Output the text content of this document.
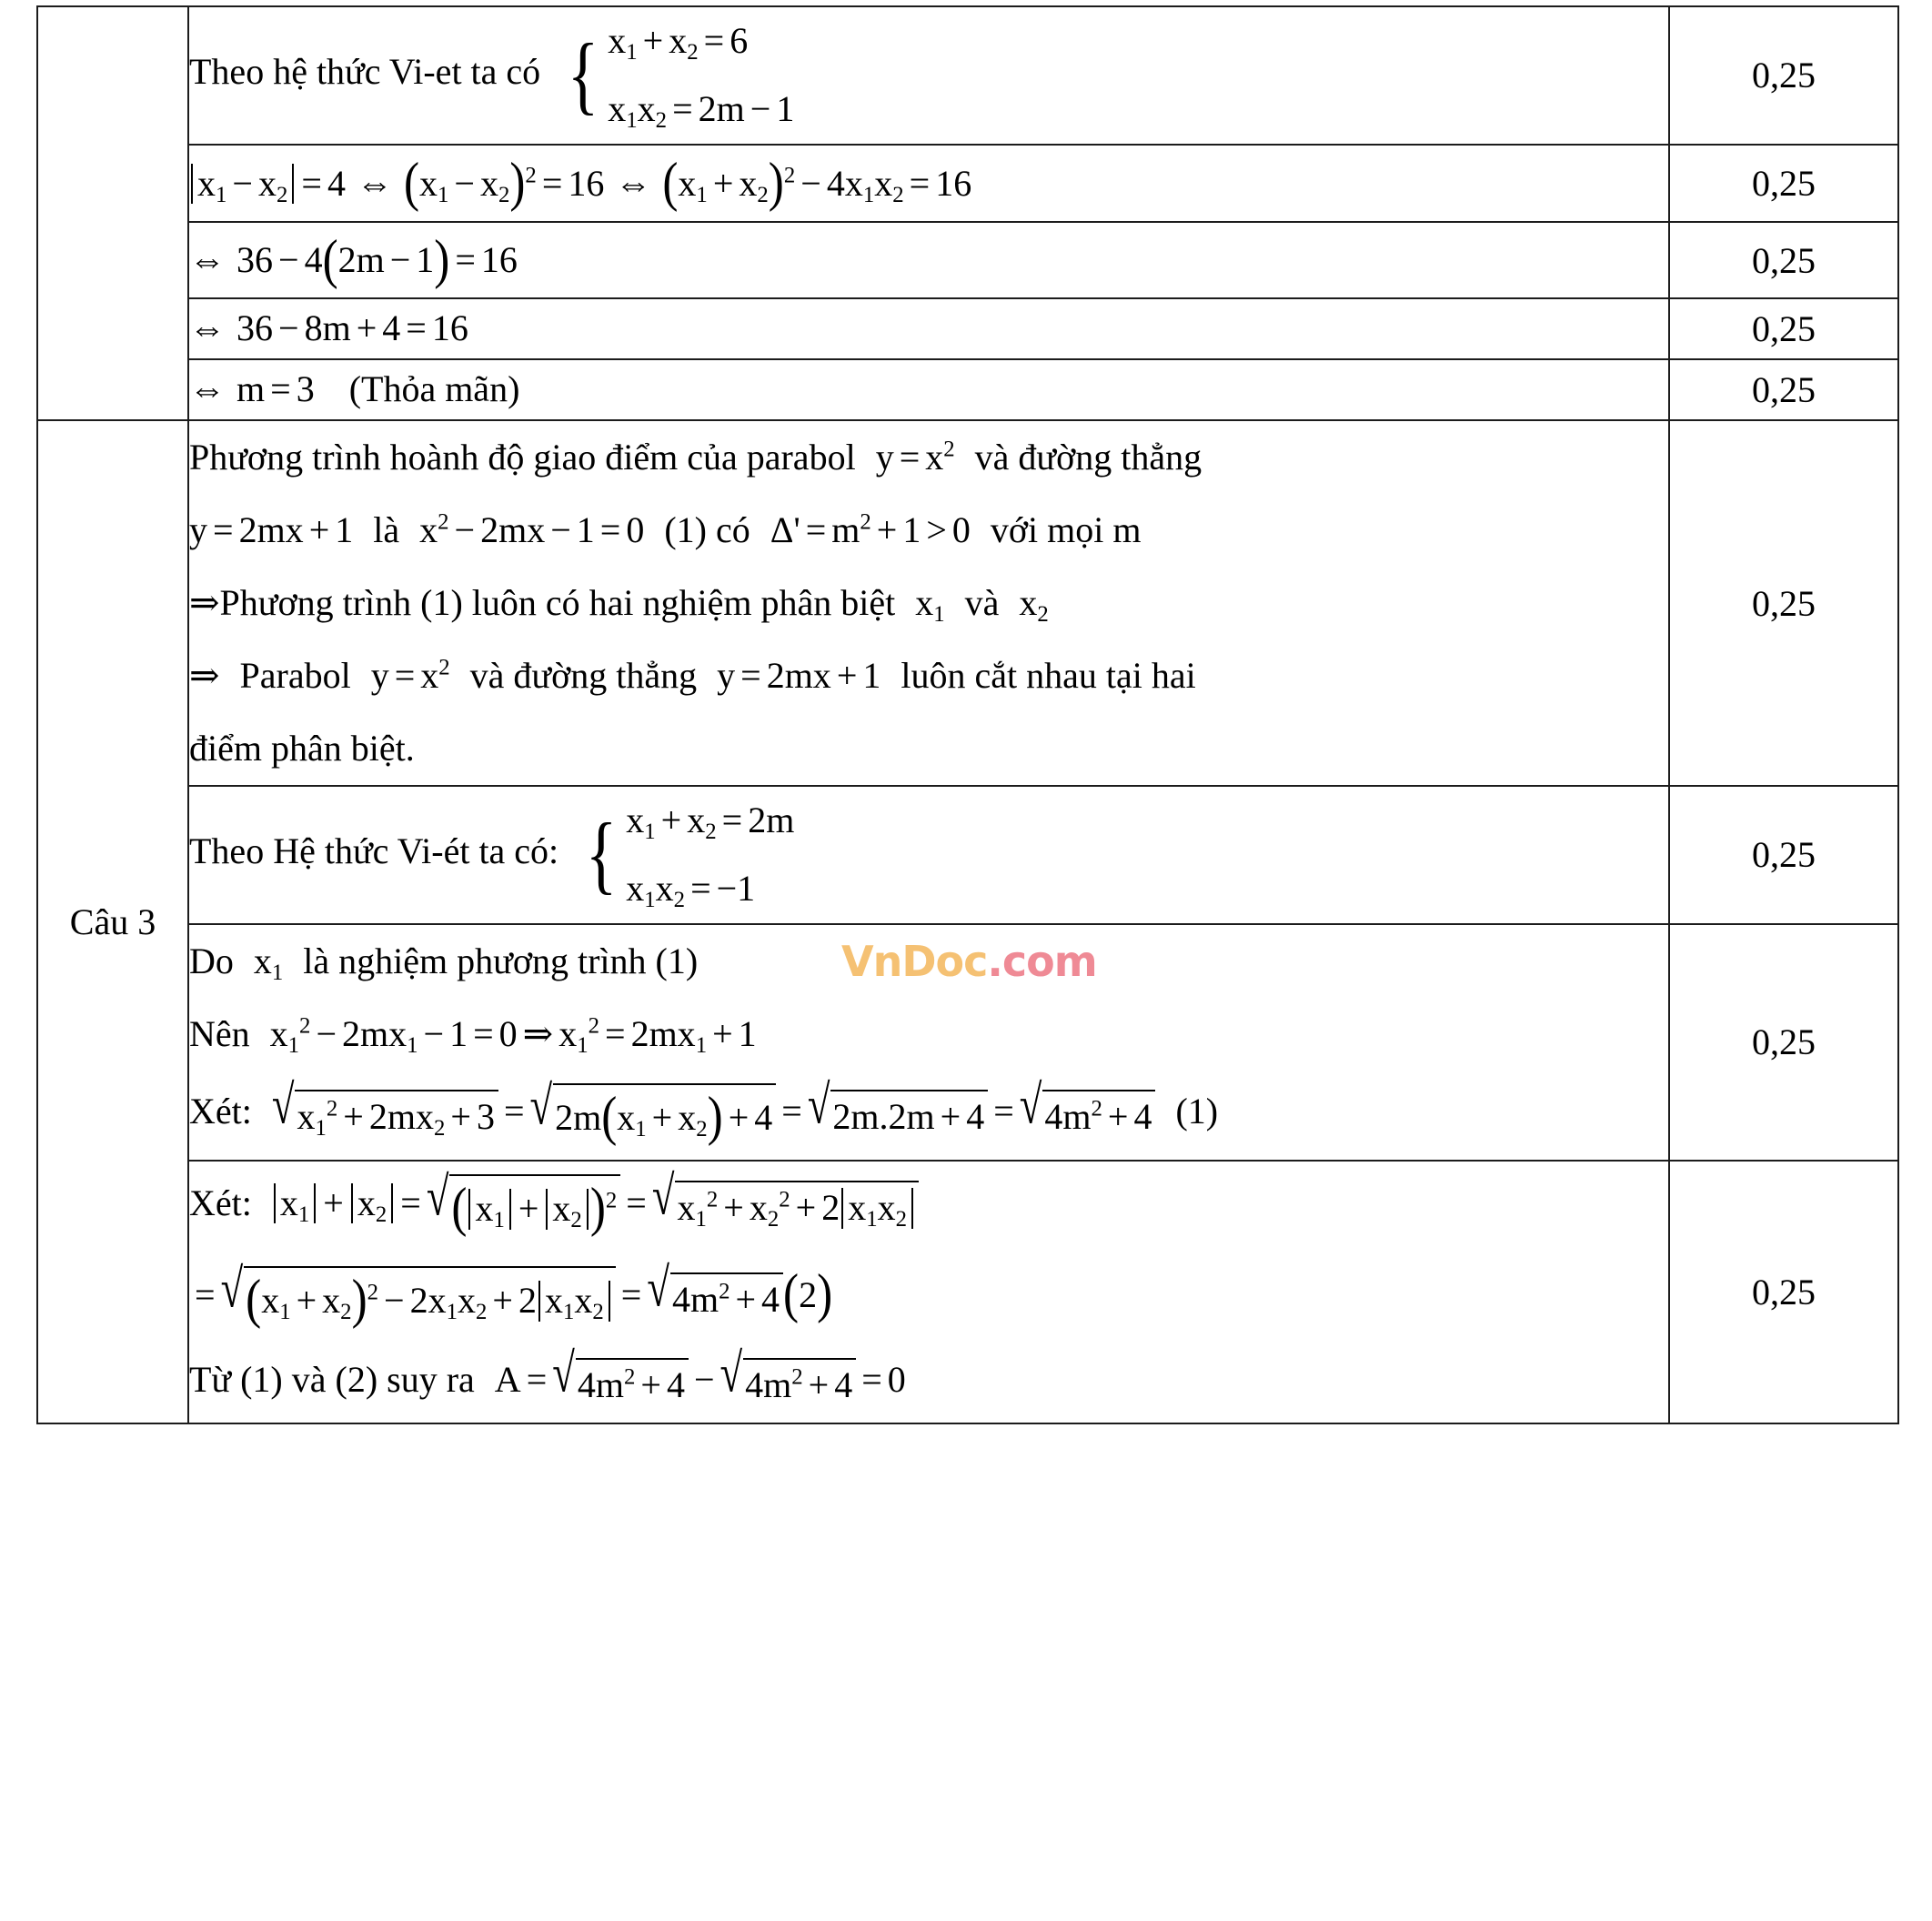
	Theo hệ thức Vi-et ta có { $x_1 + x_2 = 6$
$x_1x_2 = 2m - 1$	0,25
	$x_1 - x_2 = 4$ ⇔ $(x_1 - x_2)^2 = 16$ ⇔ $(x_1 + x_2)^2 - 4x_1x_2 = 16$	0,25
	⇔ 36 − 4(2m − 1) = 16	0,25
	⇔ 36 − 8m + 4 = 16	0,25
	⇔ m = 3 (Thỏa mãn)	0,25
Câu 3	Phương trình hoành độ giao điểm của parabol $y = x^2$ và đường thẳng
y = 2mx + 1 là $x^2 - 2mx - 1 = 0$ (1) có $\Delta' = m^2 + 1 > 0$ với mọi m
⇒Phương trình (1) luôn có hai nghiệm phân biệt $x_1$ và $x_2$
⇒ Parabol $y = x^2$ và đường thẳng y = 2mx + 1 luôn cắt nhau tại hai
điểm phân biệt.	0,25
	Theo Hệ thức Vi-ét ta có: { $x_1 + x_2 = 2m$
$x_1x_2 = -1$	0,25

	Do $x_1$ là nghiệm phương trình (1)
Nên $x_1^2 - 2mx_1 - 1 = 0$ ⇒ $x_1^2 = 2mx_1 + 1$
Xét: $√x_1^2 + 2mx_2 + 3 = √2m(x_1 + x_2) + 4 = √2m.2m + 4 = √4m^2 + 4$ (1)	0,25

	Xét: $x_1 + x_2$ = √( $x_1 + x_2$ )$^2 = √x_1^2 + x_2^2 + 2$ $x_1x_2$
= $√(x_1 + x_2)^2 - 2x_1x_2 + 2$ $x_1x_2 = √4m^2 + 4(2)$
Từ (1) và (2) suy ra $A = √4m^2 + 4 - √4m^2 + 4 = 0$	0,25
VnDoc.com
